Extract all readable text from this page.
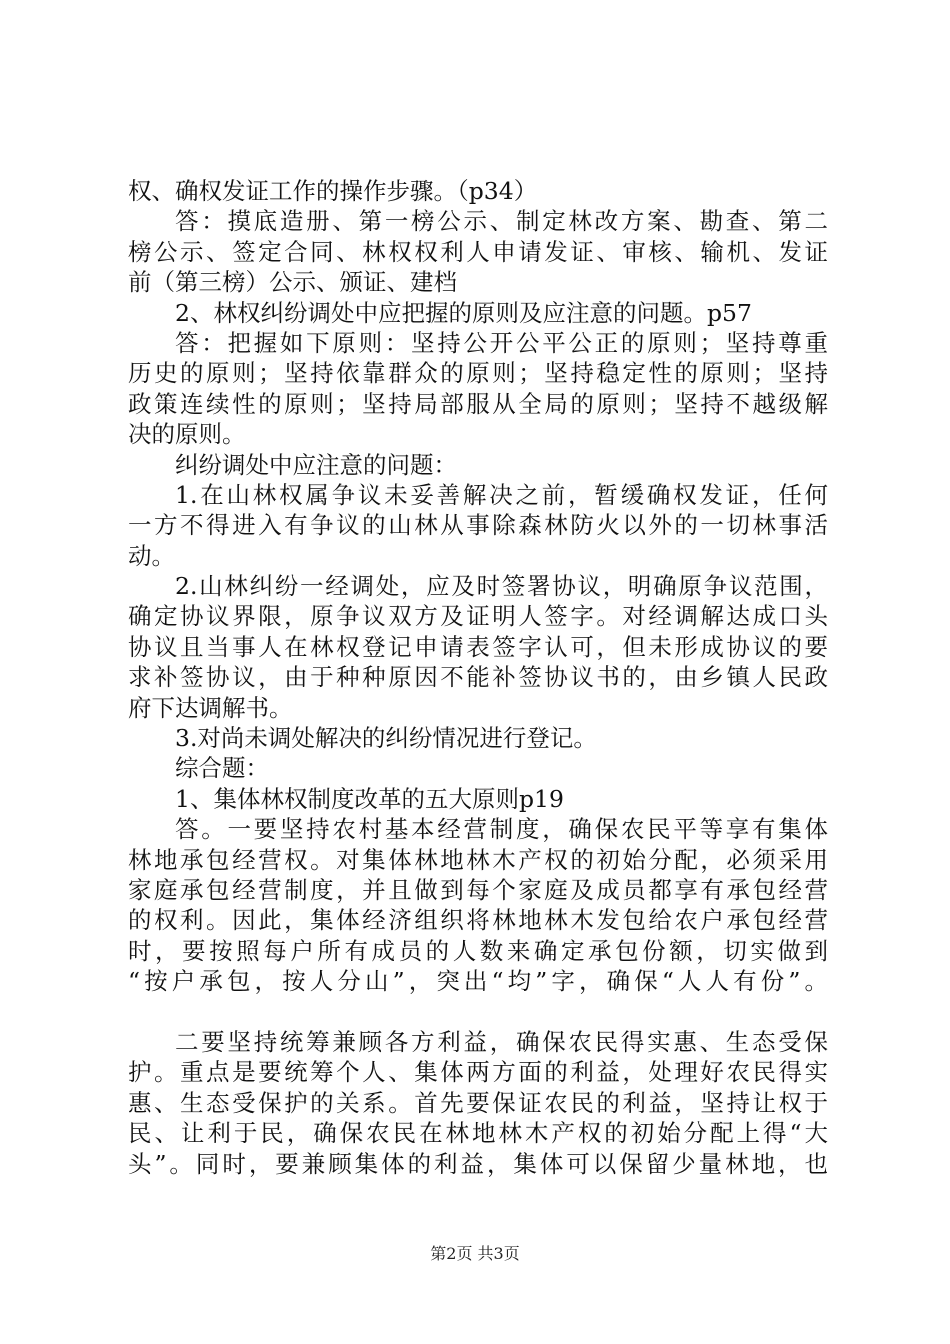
权、确权发证工作的操作步骤。（p34）
答：摸底造册、第一榜公示、制定林改方案、勘查、第二
榜公示、签定合同、林权权利人申请发证、审核、输机、发证
前（第三榜）公示、颁证、建档
2、林权纠纷调处中应把握的原则及应注意的问题。p57
答：把握如下原则：坚持公开公平公正的原则；坚持尊重
历史的原则；坚持依靠群众的原则；坚持稳定性的原则；坚持
政策连续性的原则；坚持局部服从全局的原则；坚持不越级解
决的原则。
纠纷调处中应注意的问题：
1.在山林权属争议未妥善解决之前，暂缓确权发证，任何
一方不得进入有争议的山林从事除森林防火以外的一切林事活
动。
2.山林纠纷一经调处，应及时签署协议，明确原争议范围，
确定协议界限，原争议双方及证明人签字。对经调解达成口头
协议且当事人在林权登记申请表签字认可，但未形成协议的要
求补签协议，由于种种原因不能补签协议书的，由乡镇人民政
府下达调解书。
3.对尚未调处解决的纠纷情况进行登记。
综合题：
1、集体林权制度改革的五大原则p19
答。一要坚持农村基本经营制度，确保农民平等享有集体
林地承包经营权。对集体林地林木产权的初始分配，必须采用
家庭承包经营制度，并且做到每个家庭及成员都享有承包经营
的权利。因此，集体经济组织将林地林木发包给农户承包经营
时，要按照每户所有成员的人数来确定承包份额，切实做到
“按户承包，按人分山”，突出“均”字，确保“人人有份”。
二要坚持统筹兼顾各方利益，确保农民得实惠、生态受保
护。重点是要统筹个人、集体两方面的利益，处理好农民得实
惠、生态受保护的关系。首先要保证农民的利益，坚持让权于
民、让利于民，确保农民在林地林木产权的初始分配上得“大
头”。同时，要兼顾集体的利益，集体可以保留少量林地，也
第2页 共3页
